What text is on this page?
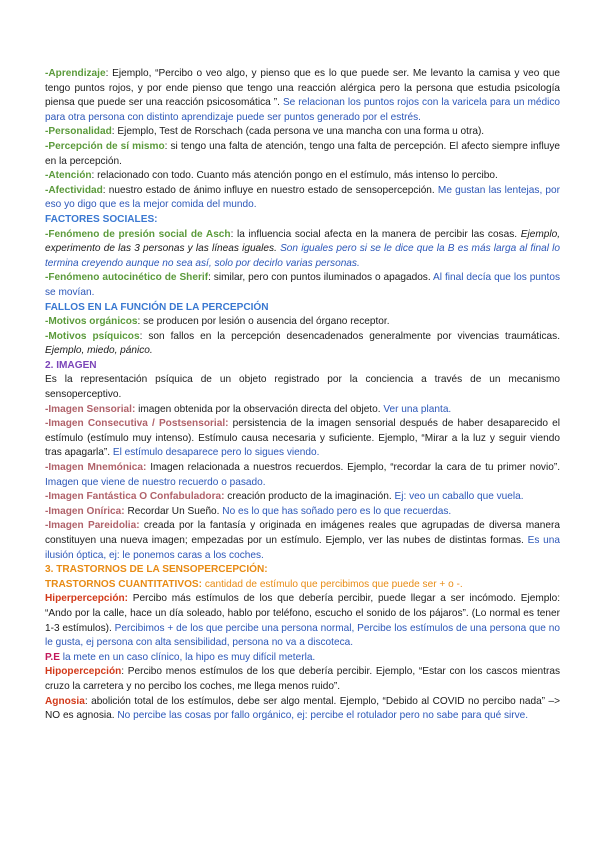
-Aprendizaje: Ejemplo, “Percibo o veo algo, y pienso que es lo que puede ser. Me levanto la camisa y veo que tengo puntos rojos, y por ende pienso que tengo una reacción alérgica pero la persona que estudia psicología piensa que puede ser una reacción psicosomática ”. Se relacionan los puntos rojos con la varicela para un médico para otra persona con distinto aprendizaje puede ser puntos generado por el estrés.

-Personalidad: Ejemplo, Test de Rorschach (cada persona ve una mancha con una forma u otra).

-Percepción de sí mismo: si tengo una falta de atención, tengo una falta de percepción. El afecto siempre influye en la percepción.

-Atención: relacionado con todo. Cuanto más atención pongo en el estímulo, más intenso lo percibo.

-Afectividad: nuestro estado de ánimo influye en nuestro estado de sensopercepción. Me gustan las lentejas, por eso yo digo que es la mejor comida del mundo.

FACTORES SOCIALES:

-Fenómeno de presión social de Asch: la influencia social afecta en la manera de percibir las cosas. Ejemplo, experimento de las 3 personas y las líneas iguales. Son iguales pero si se le dice que la B es más larga al final lo termina creyendo aunque no sea así, solo por decirlo varias personas.

-Fenómeno autocinético de Sherif: similar, pero con puntos iluminados o apagados. Al final decía que los puntos se movían.

FALLOS EN LA FUNCIÓN DE LA PERCEPCIÓN

-Motivos orgánicos: se producen por lesión o ausencia del órgano receptor.

-Motivos psíquicos: son fallos en la percepción desencadenados generalmente por vivencias traumáticas. Ejemplo, miedo, pánico.

2. IMAGEN

Es la representación psíquica de un objeto registrado por la conciencia a través de un mecanismo sensoperceptivo.

-Imagen Sensorial: imagen obtenida por la observación directa del objeto. Ver una planta.

-Imagen Consecutiva / Postsensorial: persistencia de la imagen sensorial después de haber desaparecido el estímulo (estímulo muy intenso). Estímulo causa necesaria y suficiente. Ejemplo, “Mirar a la luz y seguir viendo tras apagarla”. El estímulo desaparece pero lo sigues viendo.

-Imagen Mnemónica: Imagen relacionada a nuestros recuerdos. Ejemplo, “recordar la cara de tu primer novio”. Imagen que viene de nuestro recuerdo o pasado.

-Imagen Fantástica O Confabuladora: creación producto de la imaginación. Ej: veo un caballo que vuela.

-Imagen Onírica: Recordar Un Sueño. No es lo que has soñado pero es lo que recuerdas.

-Imagen Pareidolia: creada por la fantasía y originada en imágenes reales que agrupadas de diversa manera constituyen una nueva imagen; empezadas por un estímulo. Ejemplo, ver las nubes de distintas formas. Es una ilusión óptica, ej: le ponemos caras a los coches.

3. TRASTORNOS DE LA SENSOPERCEPCIÓN:

TRASTORNOS CUANTITATIVOS: cantidad de estímulo que percibimos que puede ser + o -.

Hiperpercepción: Percibo más estímulos de los que debería percibir, puede llegar a ser incómodo. Ejemplo: “Ando por la calle, hace un día soleado, hablo por teléfono, escucho el sonido de los pájaros”. (Lo normal es tener 1-3 estímulos). Percibimos + de los que percibe una persona normal, Percibe los estímulos de una persona que no le gusta, ej persona con alta sensibilidad, persona no va a discoteca.
P.E la mete en un caso clínico, la hipo es muy difícil meterla.

Hipopercepción: Percibo menos estímulos de los que debería percibir. Ejemplo, “Estar con los cascos mientras cruzo la carretera y no percibo los coches, me llega menos ruido”.

Agnosia: abolición total de los estímulos, debe ser algo mental. Ejemplo, “Debido al COVID no percibo nada” –> NO es agnosia. No percibe las cosas por fallo orgánico, ej: percibe el rotulador pero no sabe para qué sirve.
